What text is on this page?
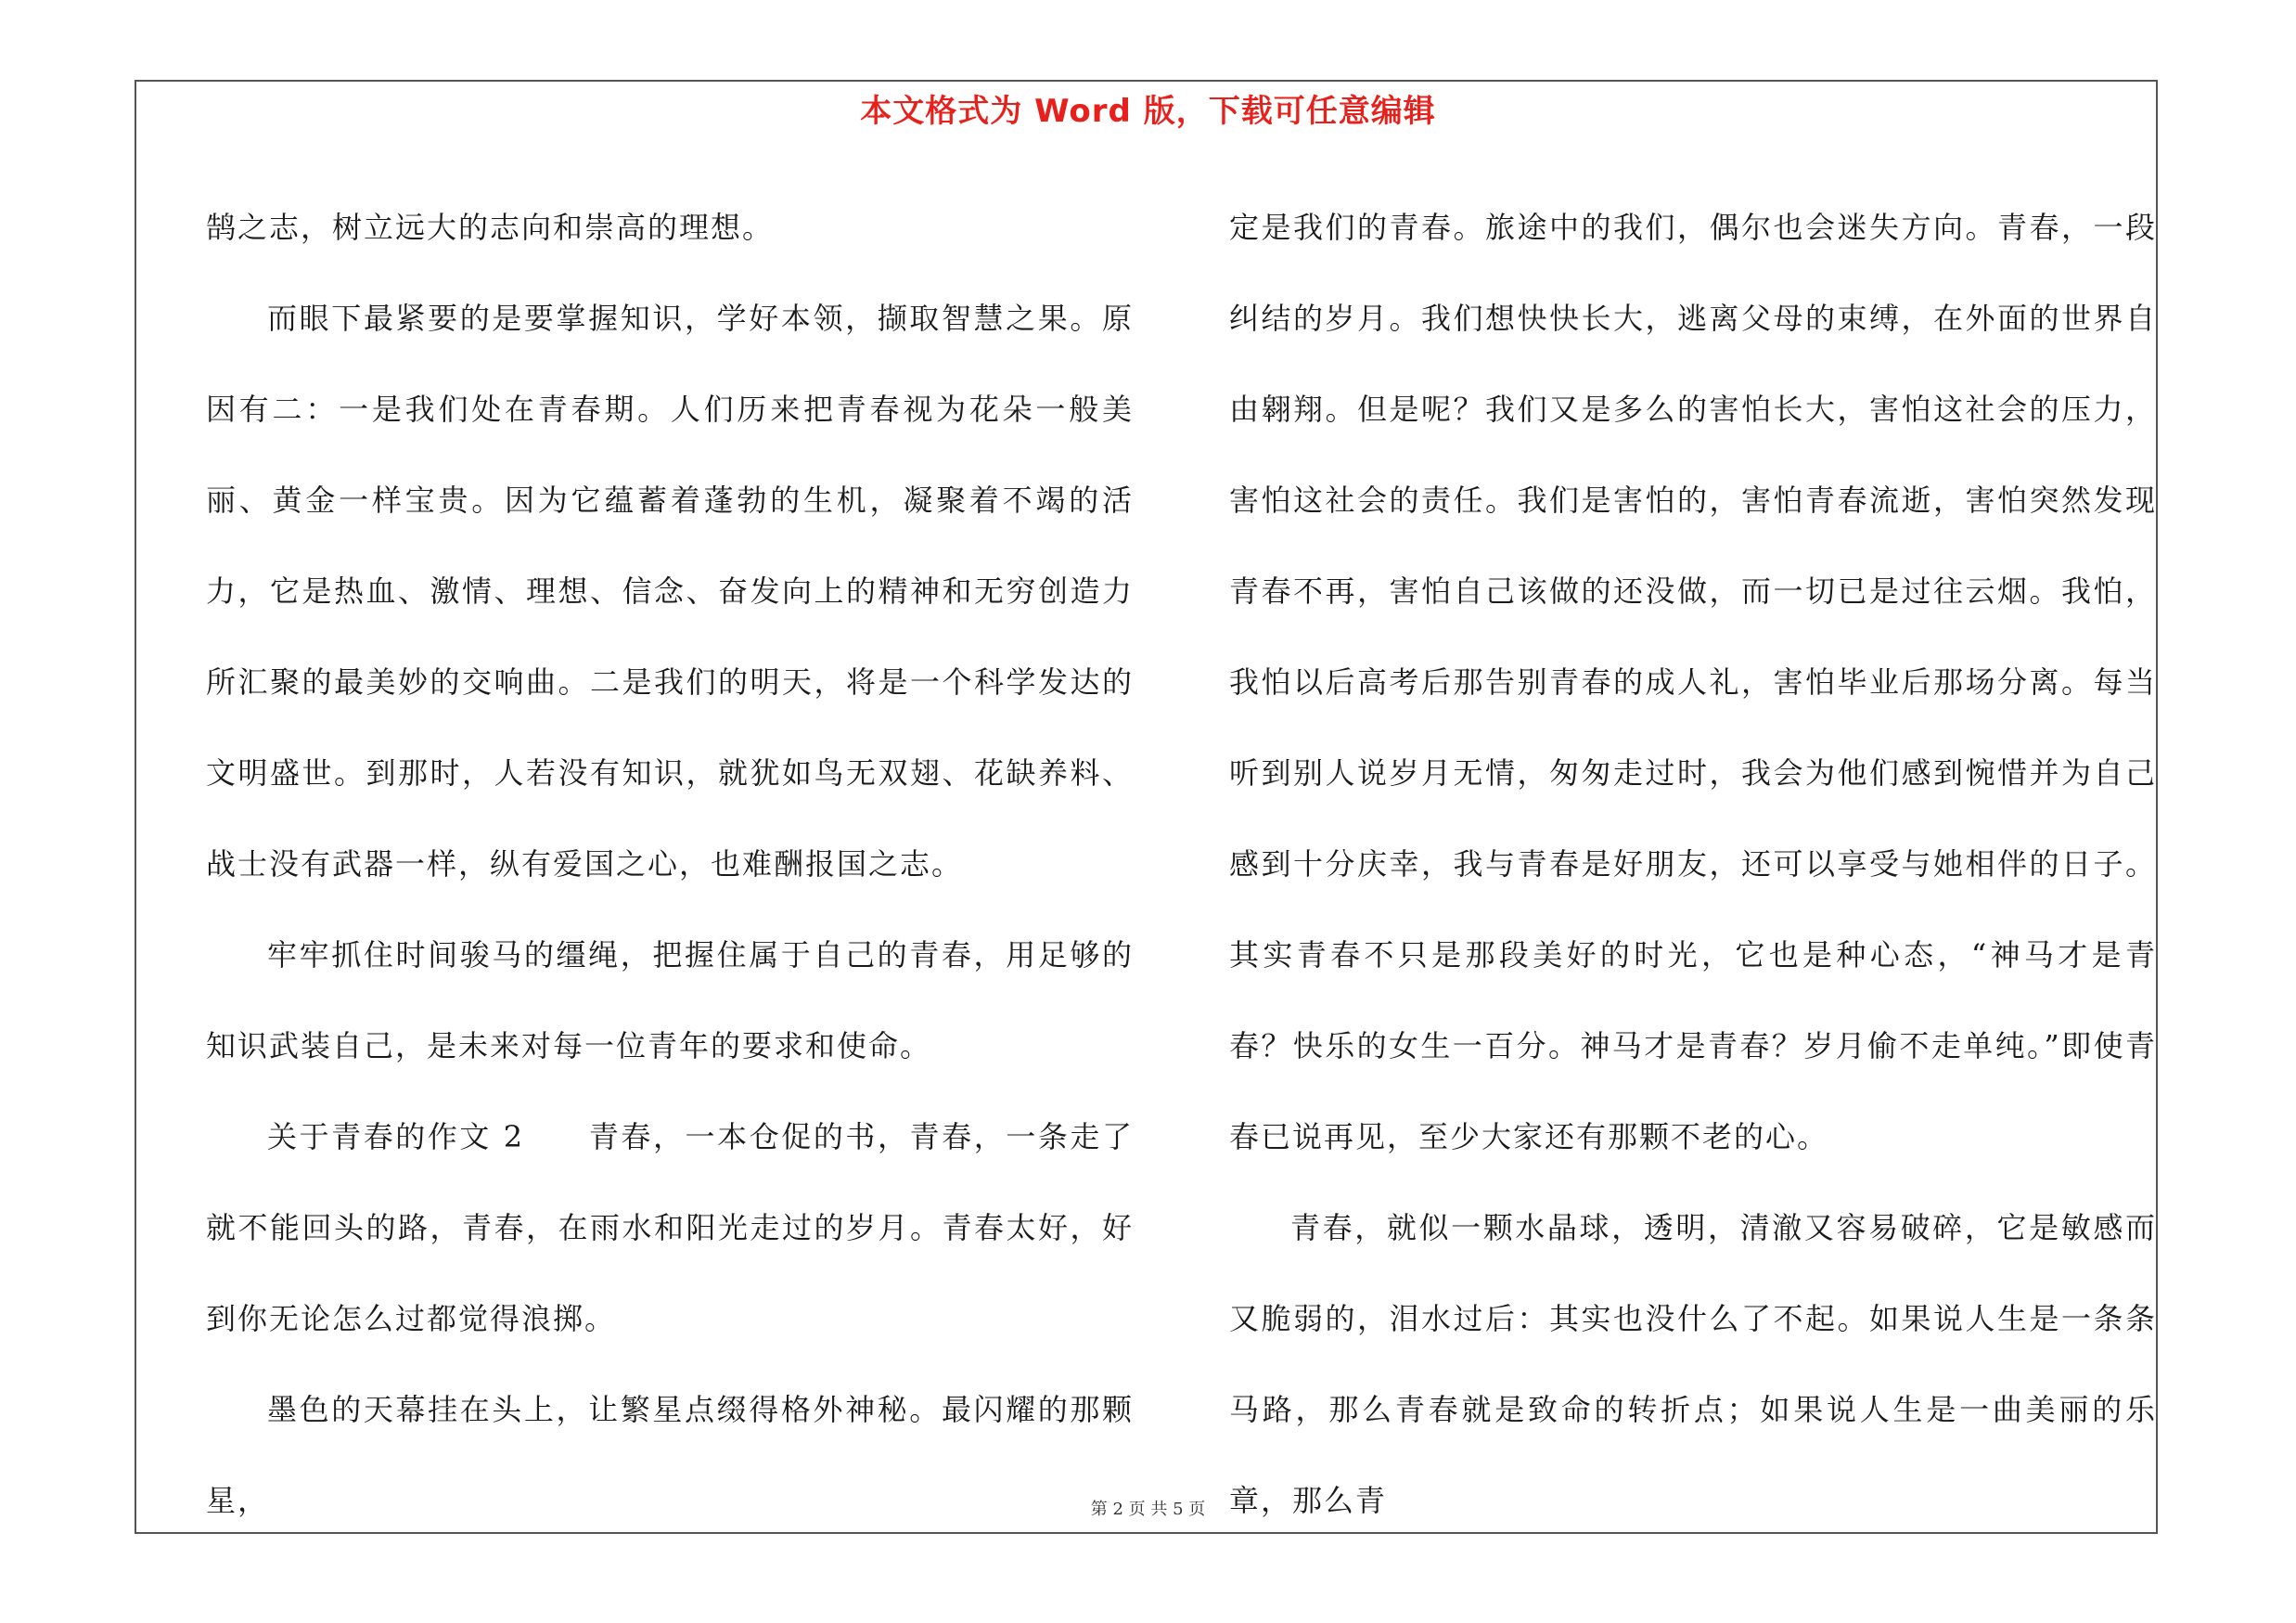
本文格式为 Word 版，下载可任意编辑

鹄之志，树立远大的志向和崇高的理想。

而眼下最紧要的是要掌握知识，学好本领，撷取智慧之果。原因有二：一是我们处在青春期。人们历来把青春视为花朵一般美丽、黄金一样宝贵。因为它蕴蓄着蓬勃的生机，凝聚着不竭的活力，它是热血、激情、理想、信念、奋发向上的精神和无穷创造力所汇聚的最美妙的交响曲。二是我们的明天，将是一个科学发达的文明盛世。到那时，人若没有知识，就犹如鸟无双翅、花缺养料、战士没有武器一样，纵有爱国之心，也难酬报国之志。

牢牢抓住时间骏马的缰绳，把握住属于自己的青春，用足够的知识武装自己，是未来对每一位青年的要求和使命。

关于青春的作文 2　　青春，一本仓促的书，青春，一条走了就不能回头的路，青春，在雨水和阳光走过的岁月。青春太好，好到你无论怎么过都觉得浪掷。

墨色的天幕挂在头上，让繁星点缀得格外神秘。最闪耀的那颗星，

定是我们的青春。旅途中的我们，偶尔也会迷失方向。青春，一段纠结的岁月。我们想快快长大，逃离父母的束缚，在外面的世界自由翱翔。但是呢？我们又是多么的害怕长大，害怕这社会的压力，害怕这社会的责任。我们是害怕的，害怕青春流逝，害怕突然发现青春不再，害怕自己该做的还没做，而一切已是过往云烟。我怕，我怕以后高考后那告别青春的成人礼，害怕毕业后那场分离。每当听到别人说岁月无情，匆匆走过时，我会为他们感到惋惜并为自己感到十分庆幸，我与青春是好朋友，还可以享受与她相伴的日子。其实青春不只是那段美好的时光，它也是种心态，“神马才是青春？快乐的女生一百分。神马才是青春？岁月偷不走单纯。”即使青春已说再见，至少大家还有那颗不老的心。

青春，就似一颗水晶球，透明，清澈又容易破碎，它是敏感而又脆弱的，泪水过后：其实也没什么了不起。如果说人生是一条条马路，那么青春就是致命的转折点；如果说人生是一曲美丽的乐章，那么青

第 2 页 共 5 页
